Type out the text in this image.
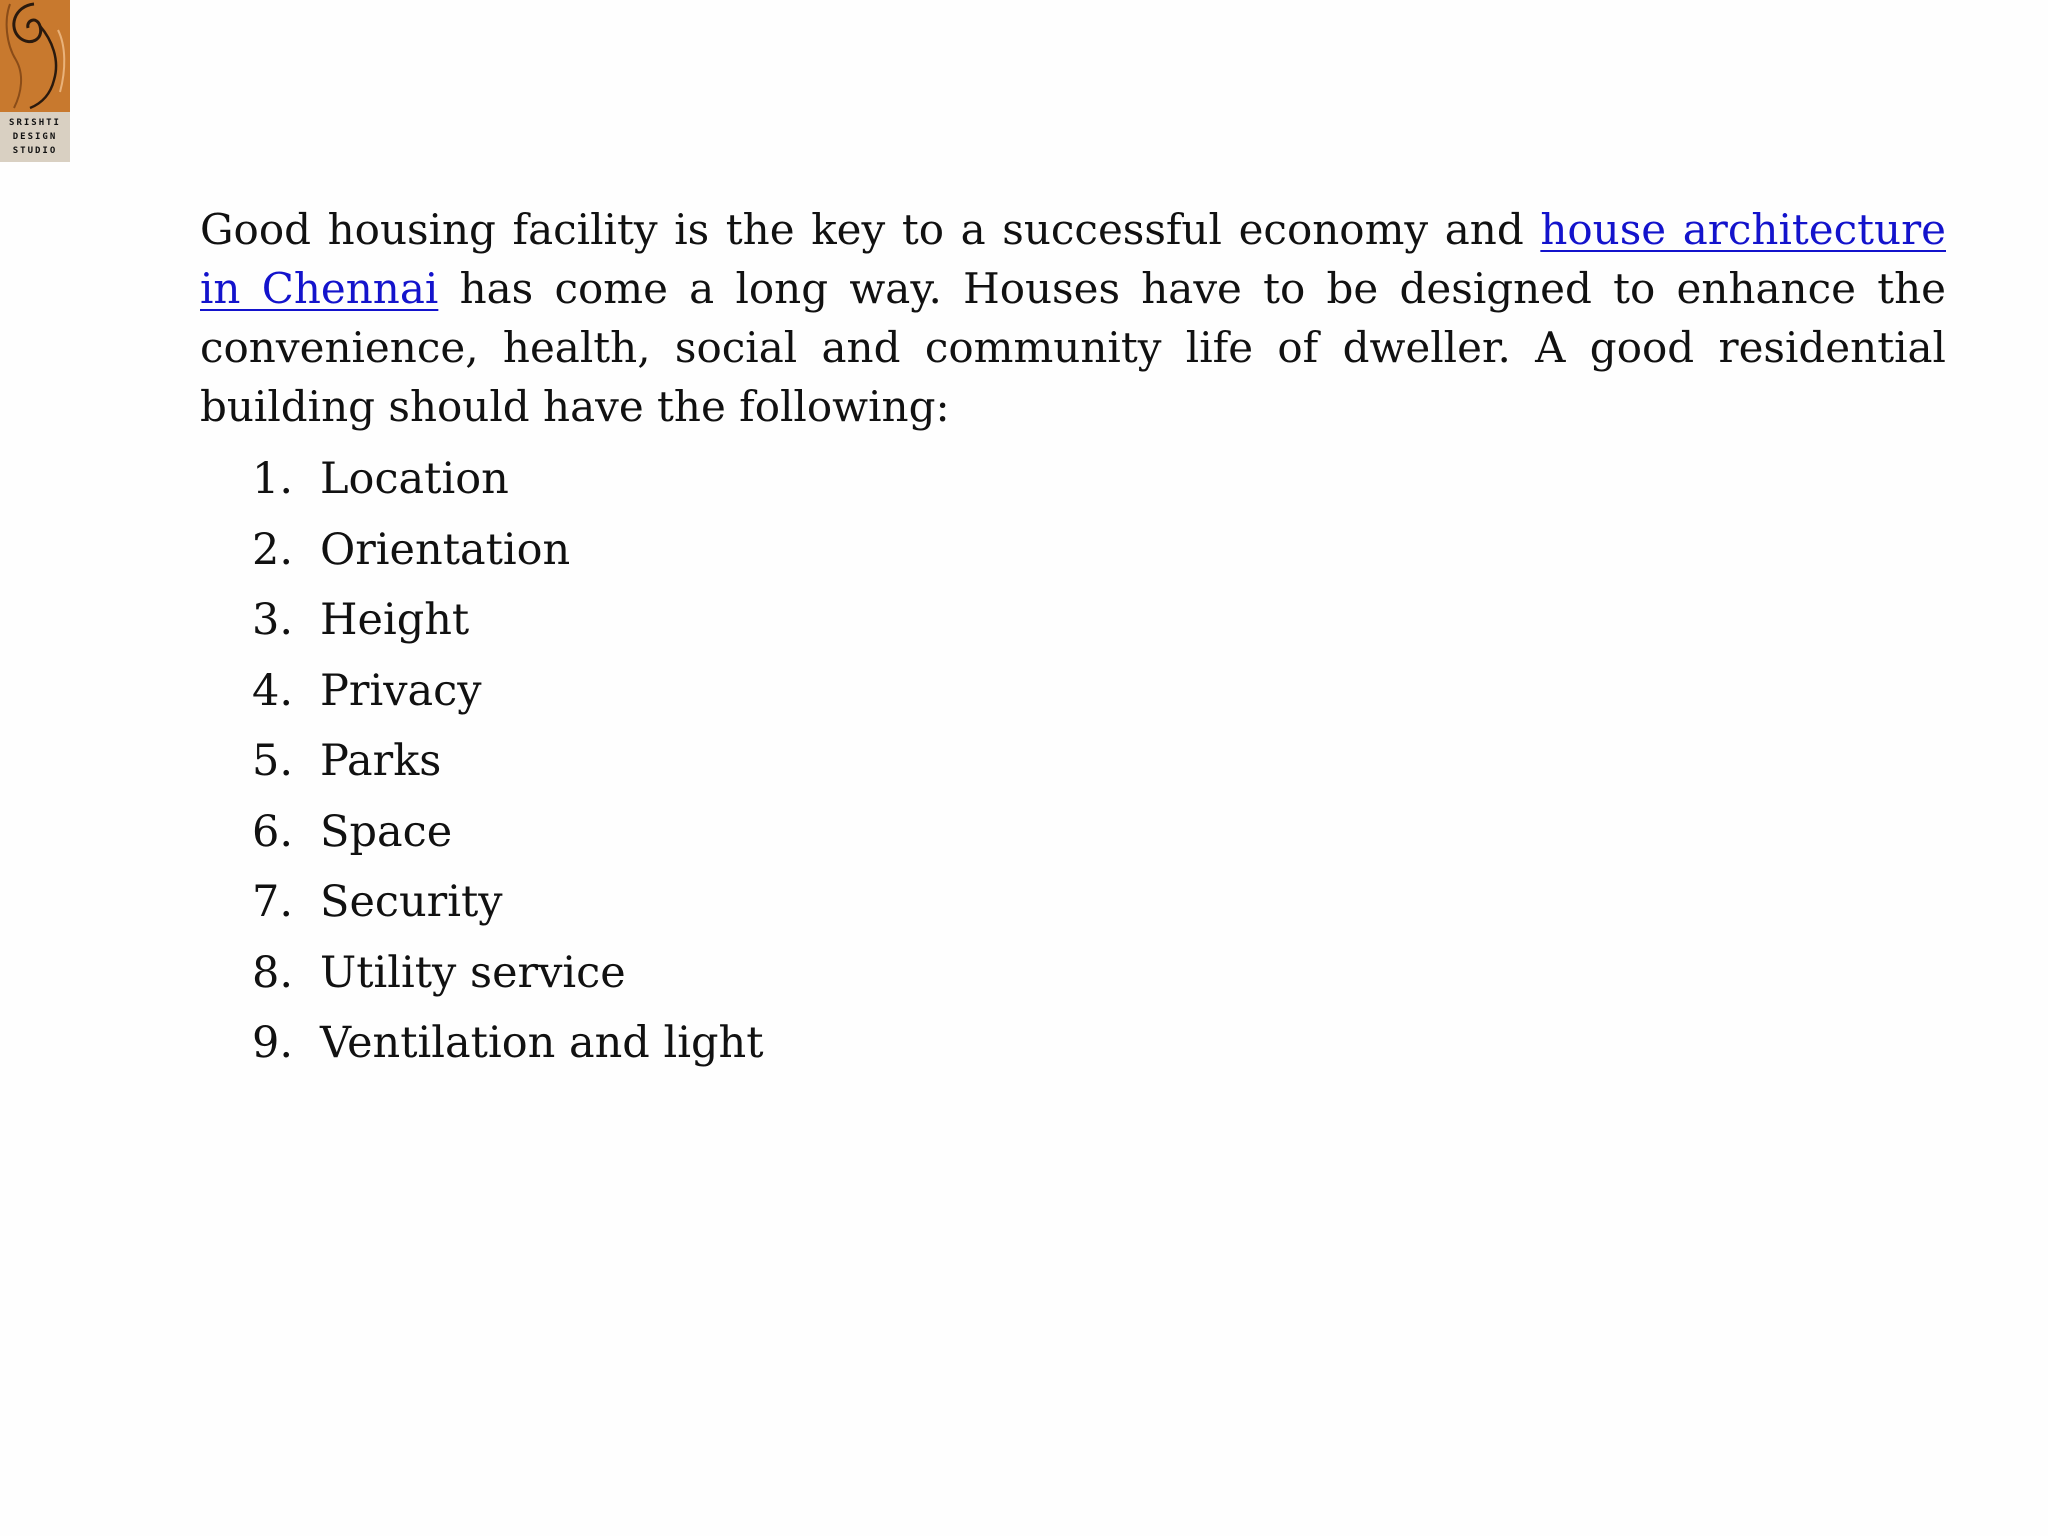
SRISHTI
DESIGN
STUDIO

Good housing facility is the key to a successful economy and house architecture in Chennai has come a long way. Houses have to be designed to enhance the convenience, health, social and community life of dweller. A good residential building should have the following:

1. Location
2. Orientation
3. Height
4. Privacy
5. Parks
6. Space
7. Security
8. Utility service
9. Ventilation and light
